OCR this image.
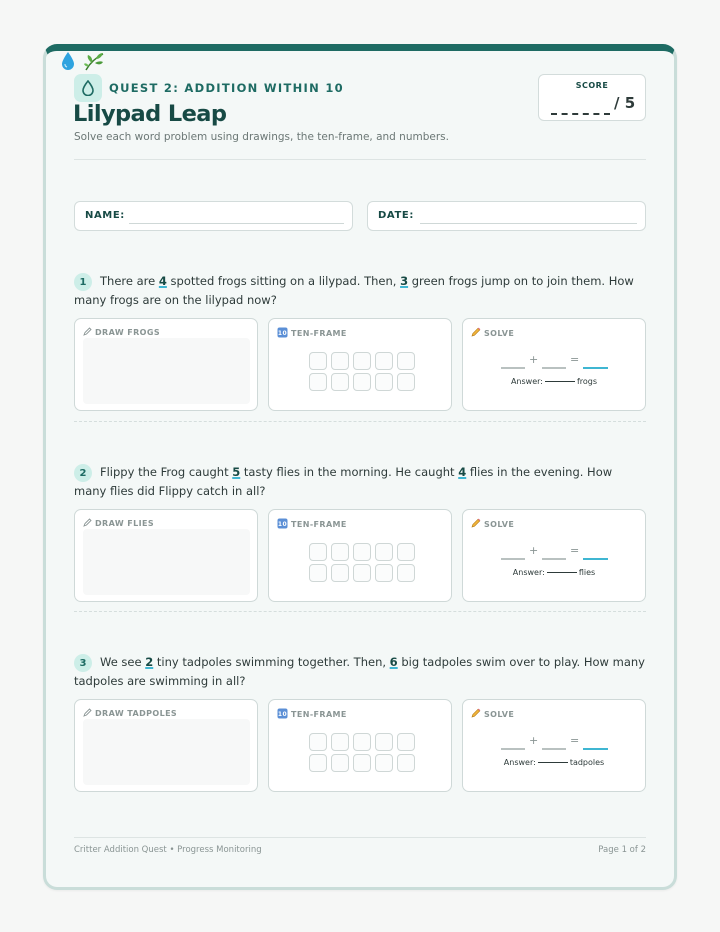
QUEST 2: ADDITION WITHIN 10
Lilypad Leap
Solve each word problem using drawings, the ten-frame, and numbers.
SCORE
/ 5
NAME:	DATE:
1	There are 4 spotted frogs sitting on a lilypad. Then, 3 green frogs jump on to join them. How many frogs are on the lilypad now?
DRAW FROGS	10 TEN-FRAME	SOLVE
+	=
Answer:	frogs
2	Flippy the Frog caught 5 tasty flies in the morning. He caught 4 flies in the evening. How many flies did Flippy catch in all?
DRAW FLIES	10 TEN-FRAME	SOLVE
+	=
Answer:	flies
3	We see 2 tiny tadpoles swimming together. Then, 6 big tadpoles swim over to play. How many tadpoles are swimming in all?
DRAW TADPOLES	10 TEN-FRAME	SOLVE
+	=
Answer:	tadpoles
Critter Addition Quest • Progress Monitoring	Page 1 of 2
